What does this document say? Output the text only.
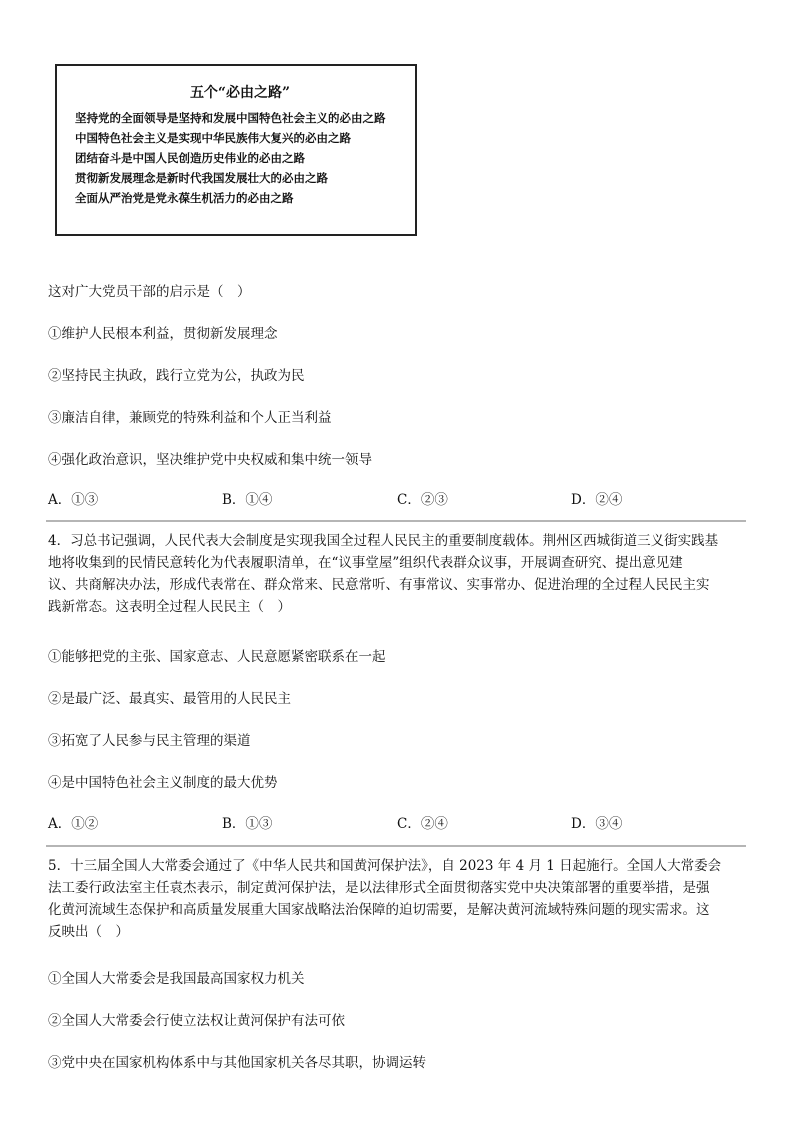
五个“必由之路”
坚持党的全面领导是坚持和发展中国特色社会主义的必由之路
中国特色社会主义是实现中华民族伟大复兴的必由之路
团结奋斗是中国人民创造历史伟业的必由之路
贯彻新发展理念是新时代我国发展壮大的必由之路
全面从严治党是党永葆生机活力的必由之路
这对广大党员干部的启示是（　）
①维护人民根本利益，贯彻新发展理念
②坚持民主执政，践行立党为公，执政为民
③廉洁自律，兼顾党的特殊利益和个人正当利益
④强化政治意识，坚决维护党中央权威和集中统一领导
A．①③	B．①④	C．②③	D．②④
4．习总书记强调，人民代表大会制度是实现我国全过程人民民主的重要制度载体。荆州区西城街道三义街实践基
地将收集到的民情民意转化为代表履职清单，在“议事堂屋”组织代表群众议事，开展调查研究、提出意见建
议、共商解决办法，形成代表常在、群众常来、民意常听、有事常议、实事常办、促进治理的全过程人民民主实
践新常态。这表明全过程人民民主（　）
①能够把党的主张、国家意志、人民意愿紧密联系在一起
②是最广泛、最真实、最管用的人民民主
③拓宽了人民参与民主管理的渠道
④是中国特色社会主义制度的最大优势
A．①②	B．①③	C．②④	D．③④
5．十三届全国人大常委会通过了《中华人民共和国黄河保护法》，自 2023 年 4 月 1 日起施行。全国人大常委会
法工委行政法室主任袁杰表示，制定黄河保护法，是以法律形式全面贯彻落实党中央决策部署的重要举措，是强
化黄河流域生态保护和高质量发展重大国家战略法治保障的迫切需要，是解决黄河流域特殊问题的现实需求。这
反映出（　）
①全国人大常委会是我国最高国家权力机关
②全国人大常委会行使立法权让黄河保护有法可依
③党中央在国家机构体系中与其他国家机关各尽其职，协调运转
